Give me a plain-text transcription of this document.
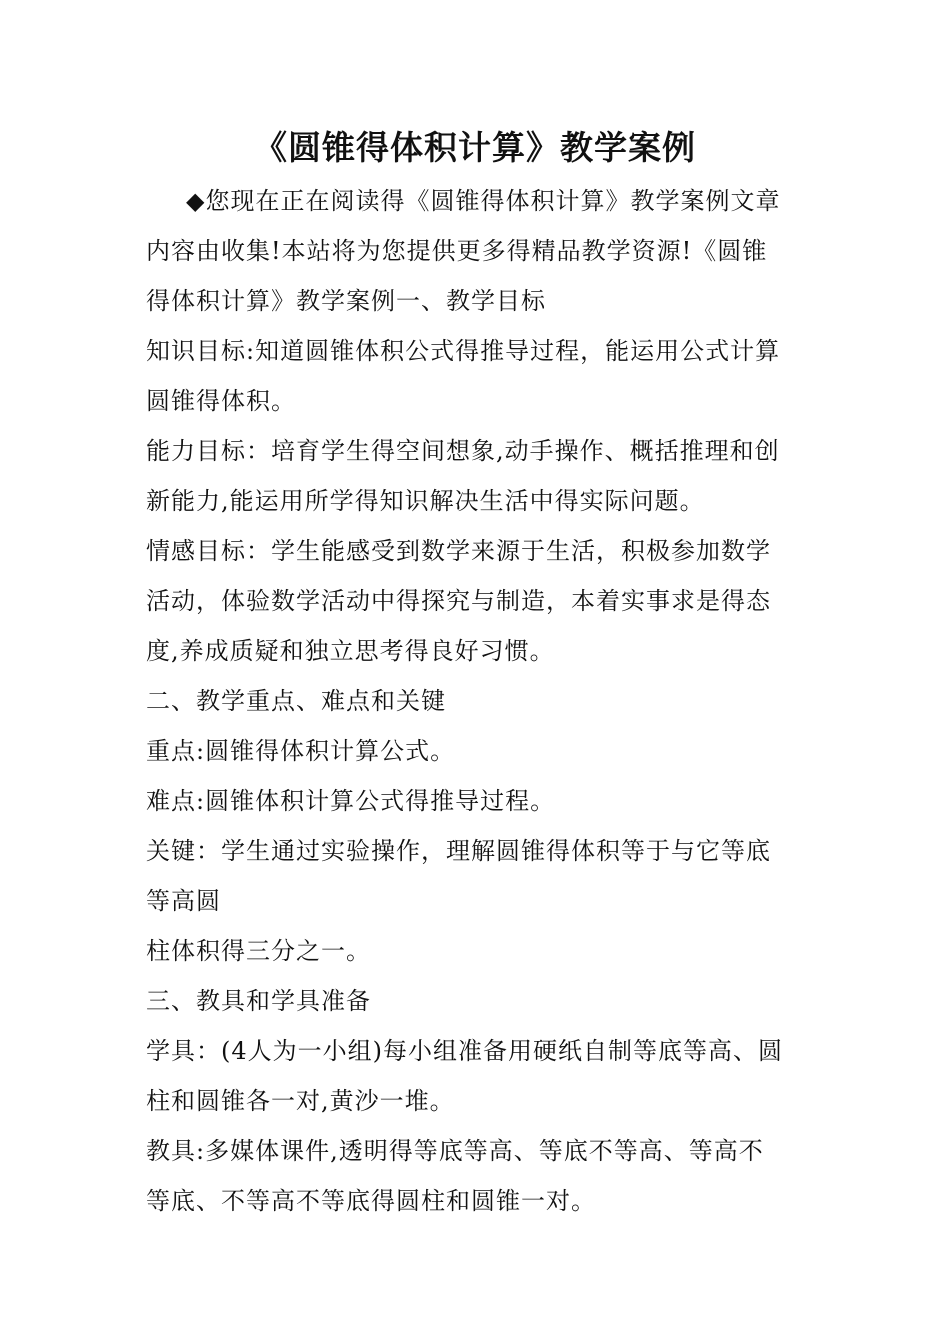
《圆锥得体积计算》教学案例
◆您现在正在阅读得《圆锥得体积计算》教学案例文章
内容由收集!本站将为您提供更多得精品教学资源!《圆锥
得体积计算》教学案例一、教学目标
知识目标:知道圆锥体积公式得推导过程，能运用公式计算
圆锥得体积。
能力目标：培育学生得空间想象,动手操作、概括推理和创
新能力,能运用所学得知识解决生活中得实际问题。
情感目标：学生能感受到数学来源于生活，积极参加数学
活动，体验数学活动中得探究与制造，本着实事求是得态
度,养成质疑和独立思考得良好习惯。
二、教学重点、难点和关键
重点:圆锥得体积计算公式。
难点:圆锥体积计算公式得推导过程。
关键：学生通过实验操作，理解圆锥得体积等于与它等底
等高圆
柱体积得三分之一。
三、教具和学具准备
学具：(4人为一小组)每小组准备用硬纸自制等底等高、圆
柱和圆锥各一对,黄沙一堆。
教具:多媒体课件,透明得等底等高、等底不等高、等高不
等底、不等高不等底得圆柱和圆锥一对。
